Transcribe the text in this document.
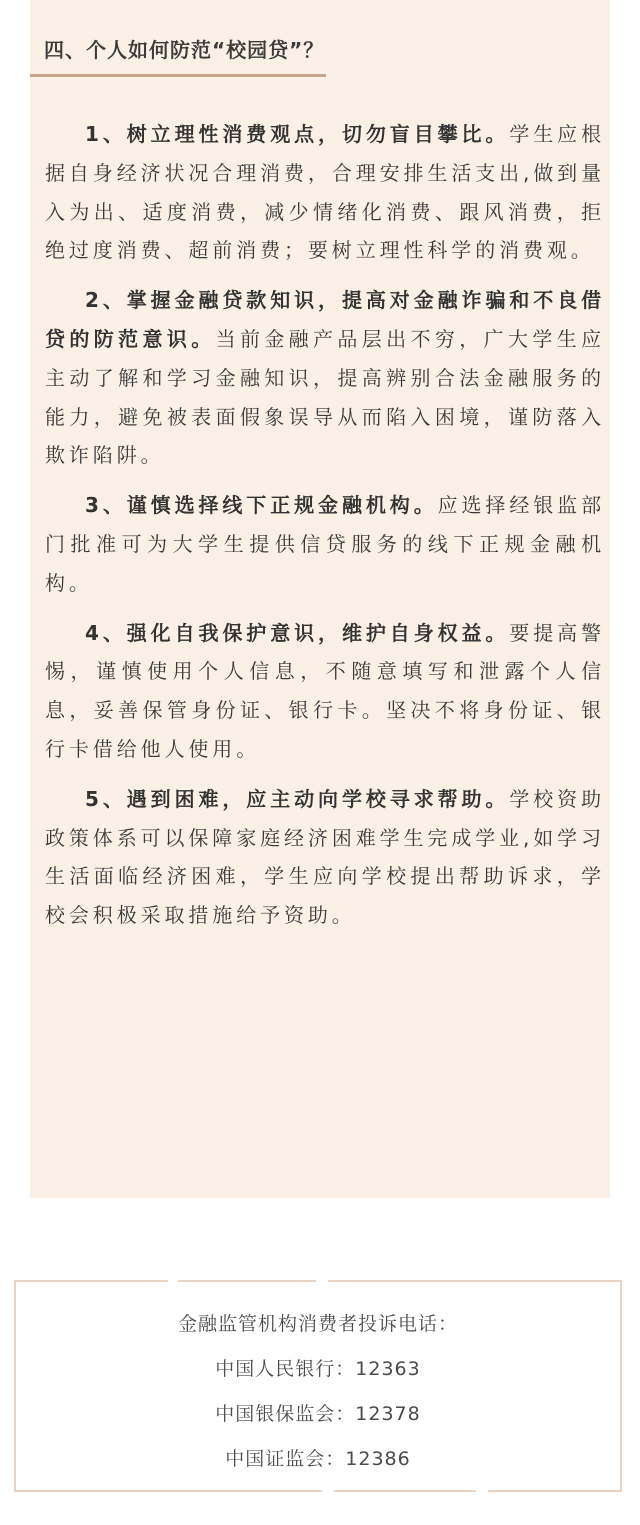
四、个人如何防范“校园贷”？

1、树立理性消费观点，切勿盲目攀比。学生应根据自身经济状况合理消费，合理安排生活支出,做到量入为出、适度消费，减少情绪化消费、跟风消费，拒绝过度消费、超前消费；要树立理性科学的消费观。

2、掌握金融贷款知识，提高对金融诈骗和不良借贷的防范意识。当前金融产品层出不穷，广大学生应主动了解和学习金融知识，提高辨别合法金融服务的能力，避免被表面假象误导从而陷入困境，谨防落入欺诈陷阱。

3、谨慎选择线下正规金融机构。应选择经银监部门批准可为大学生提供信贷服务的线下正规金融机构。

4、强化自我保护意识，维护自身权益。要提高警惕，谨慎使用个人信息，不随意填写和泄露个人信息，妥善保管身份证、银行卡。坚决不将身份证、银行卡借给他人使用。

5、遇到困难，应主动向学校寻求帮助。学校资助政策体系可以保障家庭经济困难学生完成学业,如学习生活面临经济困难，学生应向学校提出帮助诉求，学校会积极采取措施给予资助。

金融监管机构消费者投诉电话：
中国人民银行：12363
中国银保监会：12378
中国证监会：12386
